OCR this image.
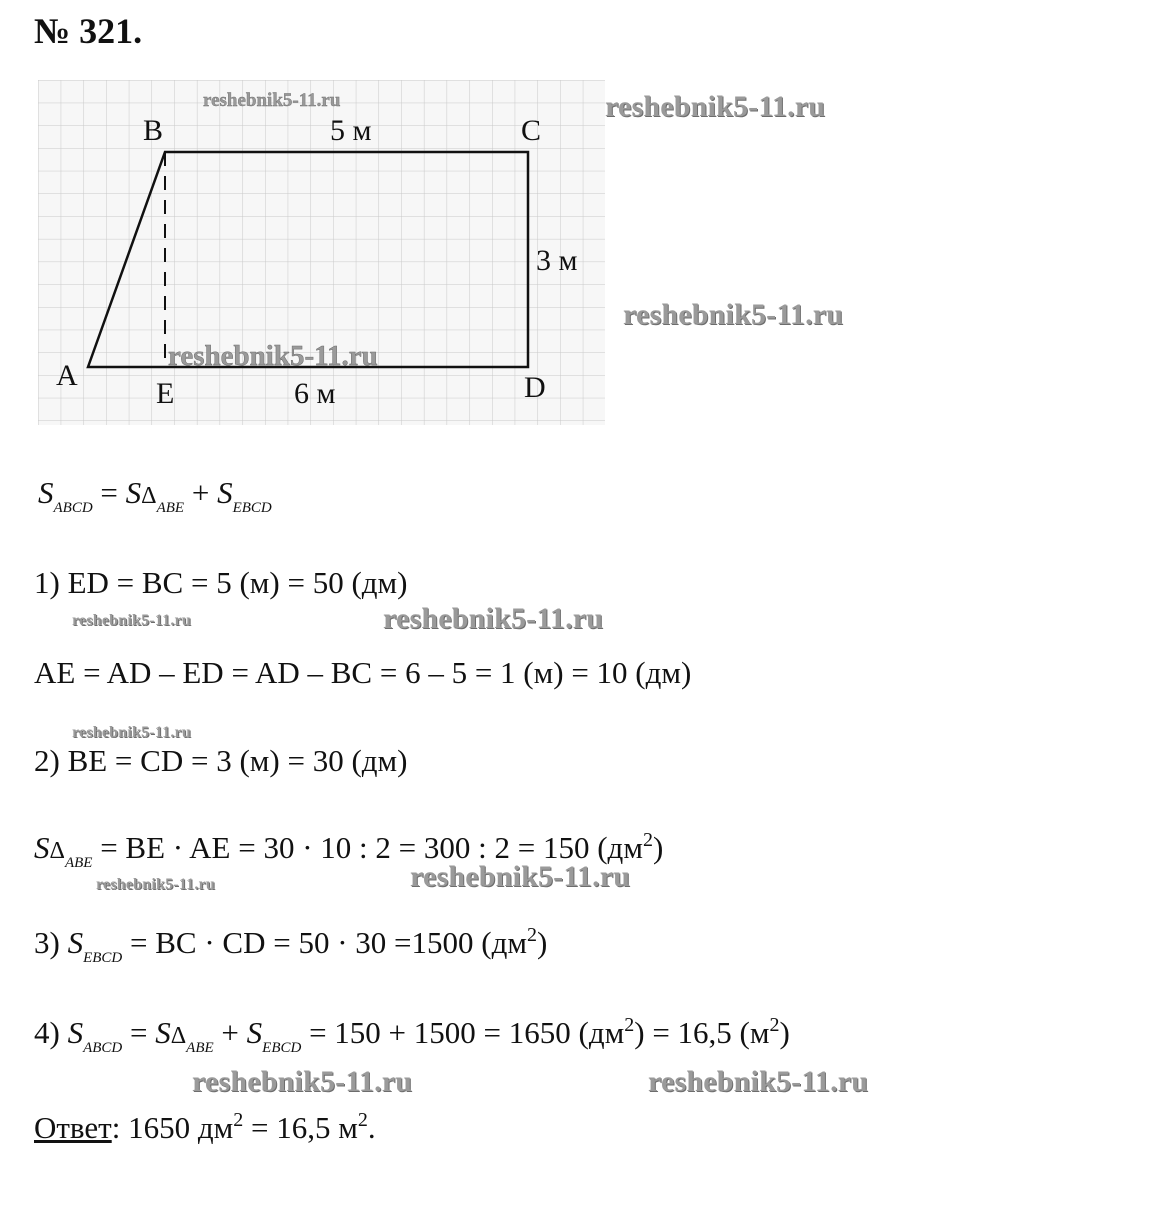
№ 321.
B	C
A
E	D
5 м
3 м
6 м
reshebnik5-11.ru
reshebnik5-11.ru
reshebnik5-11.ru
reshebnik5-11.ru
$S_{ABCD} = S\Delta_{ABE} + S_{EBCD}$
1) ED = BC = 5 (м) = 50 (дм)
reshebnik5-11.ru	reshebnik5-11.ru
AE = AD – ED = AD – BC = 6 – 5 = 1 (м) = 10 (дм)
reshebnik5-11.ru
2) BE = CD = 3 (м) = 30 (дм)
$S\Delta_{ABE}$ = BE · AE = 30 · 10 : 2 = 300 : 2 = 150 $(дм^2)$
reshebnik5-11.ru	reshebnik5-11.ru
3) $S_{EBCD}$ = BC · CD = 50 · 30 =1500 $(дм^2)$
4) $S_{ABCD} = S\Delta_{ABE} + S_{EBCD} = 150 + 1500 = 1650$ $(дм^2) = 16,5$ $(м^2)$
reshebnik5-11.ru	reshebnik5-11.ru
Ответ: 1650 $дм^2 = 16,5$ $м^2$.
